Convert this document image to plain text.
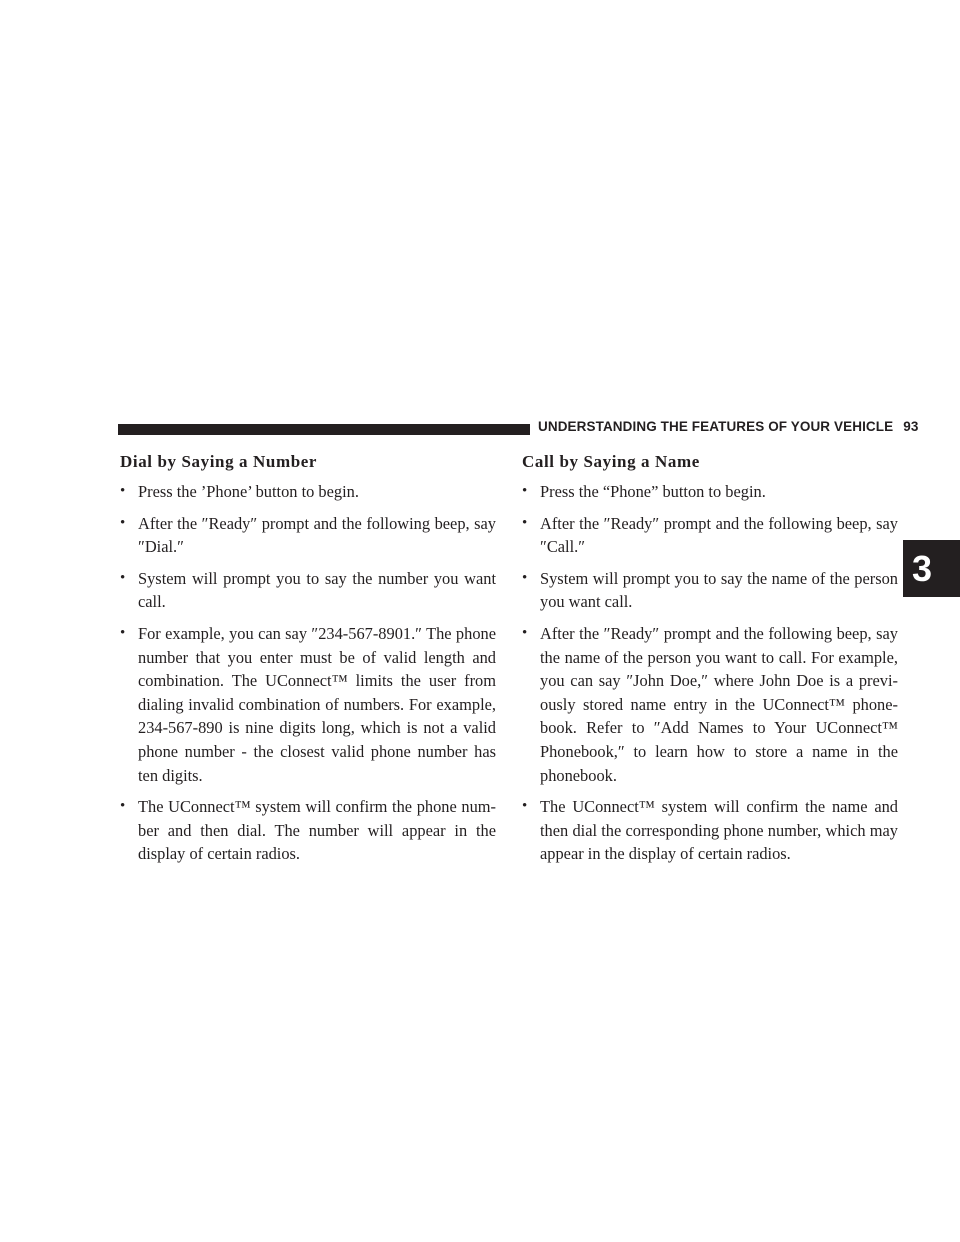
UNDERSTANDING THE FEATURES OF YOUR VEHICLE 93
3
Dial by Saying a Number
• Press the ’Phone’ button to begin.
• After the ″Ready″ prompt and the following beep, say ″Dial.″
• System will prompt you to say the number you want call.
• For example, you can say ″234-567-8901.″ The phone number that you enter must be of valid length and combination. The UConnect™ limits the user from dialing invalid combination of numbers. For example, 234-567-890 is nine digits long, which is not a valid phone number - the closest valid phone number has ten digits.
• The UConnect™ system will confirm the phone num-ber and then dial. The number will appear in the display of certain radios.
Call by Saying a Name
• Press the “Phone” button to begin.
• After the ″Ready″ prompt and the following beep, say ″Call.″
• System will prompt you to say the name of the person you want call.
• After the ″Ready″ prompt and the following beep, say the name of the person you want to call. For example, you can say ″John Doe,″ where John Doe is a previ-ously stored name entry in the UConnect™ phone-book. Refer to ″Add Names to Your UConnect™ Phonebook,″ to learn how to store a name in the phonebook.
• The UConnect™ system will confirm the name and then dial the corresponding phone number, which may appear in the display of certain radios.
